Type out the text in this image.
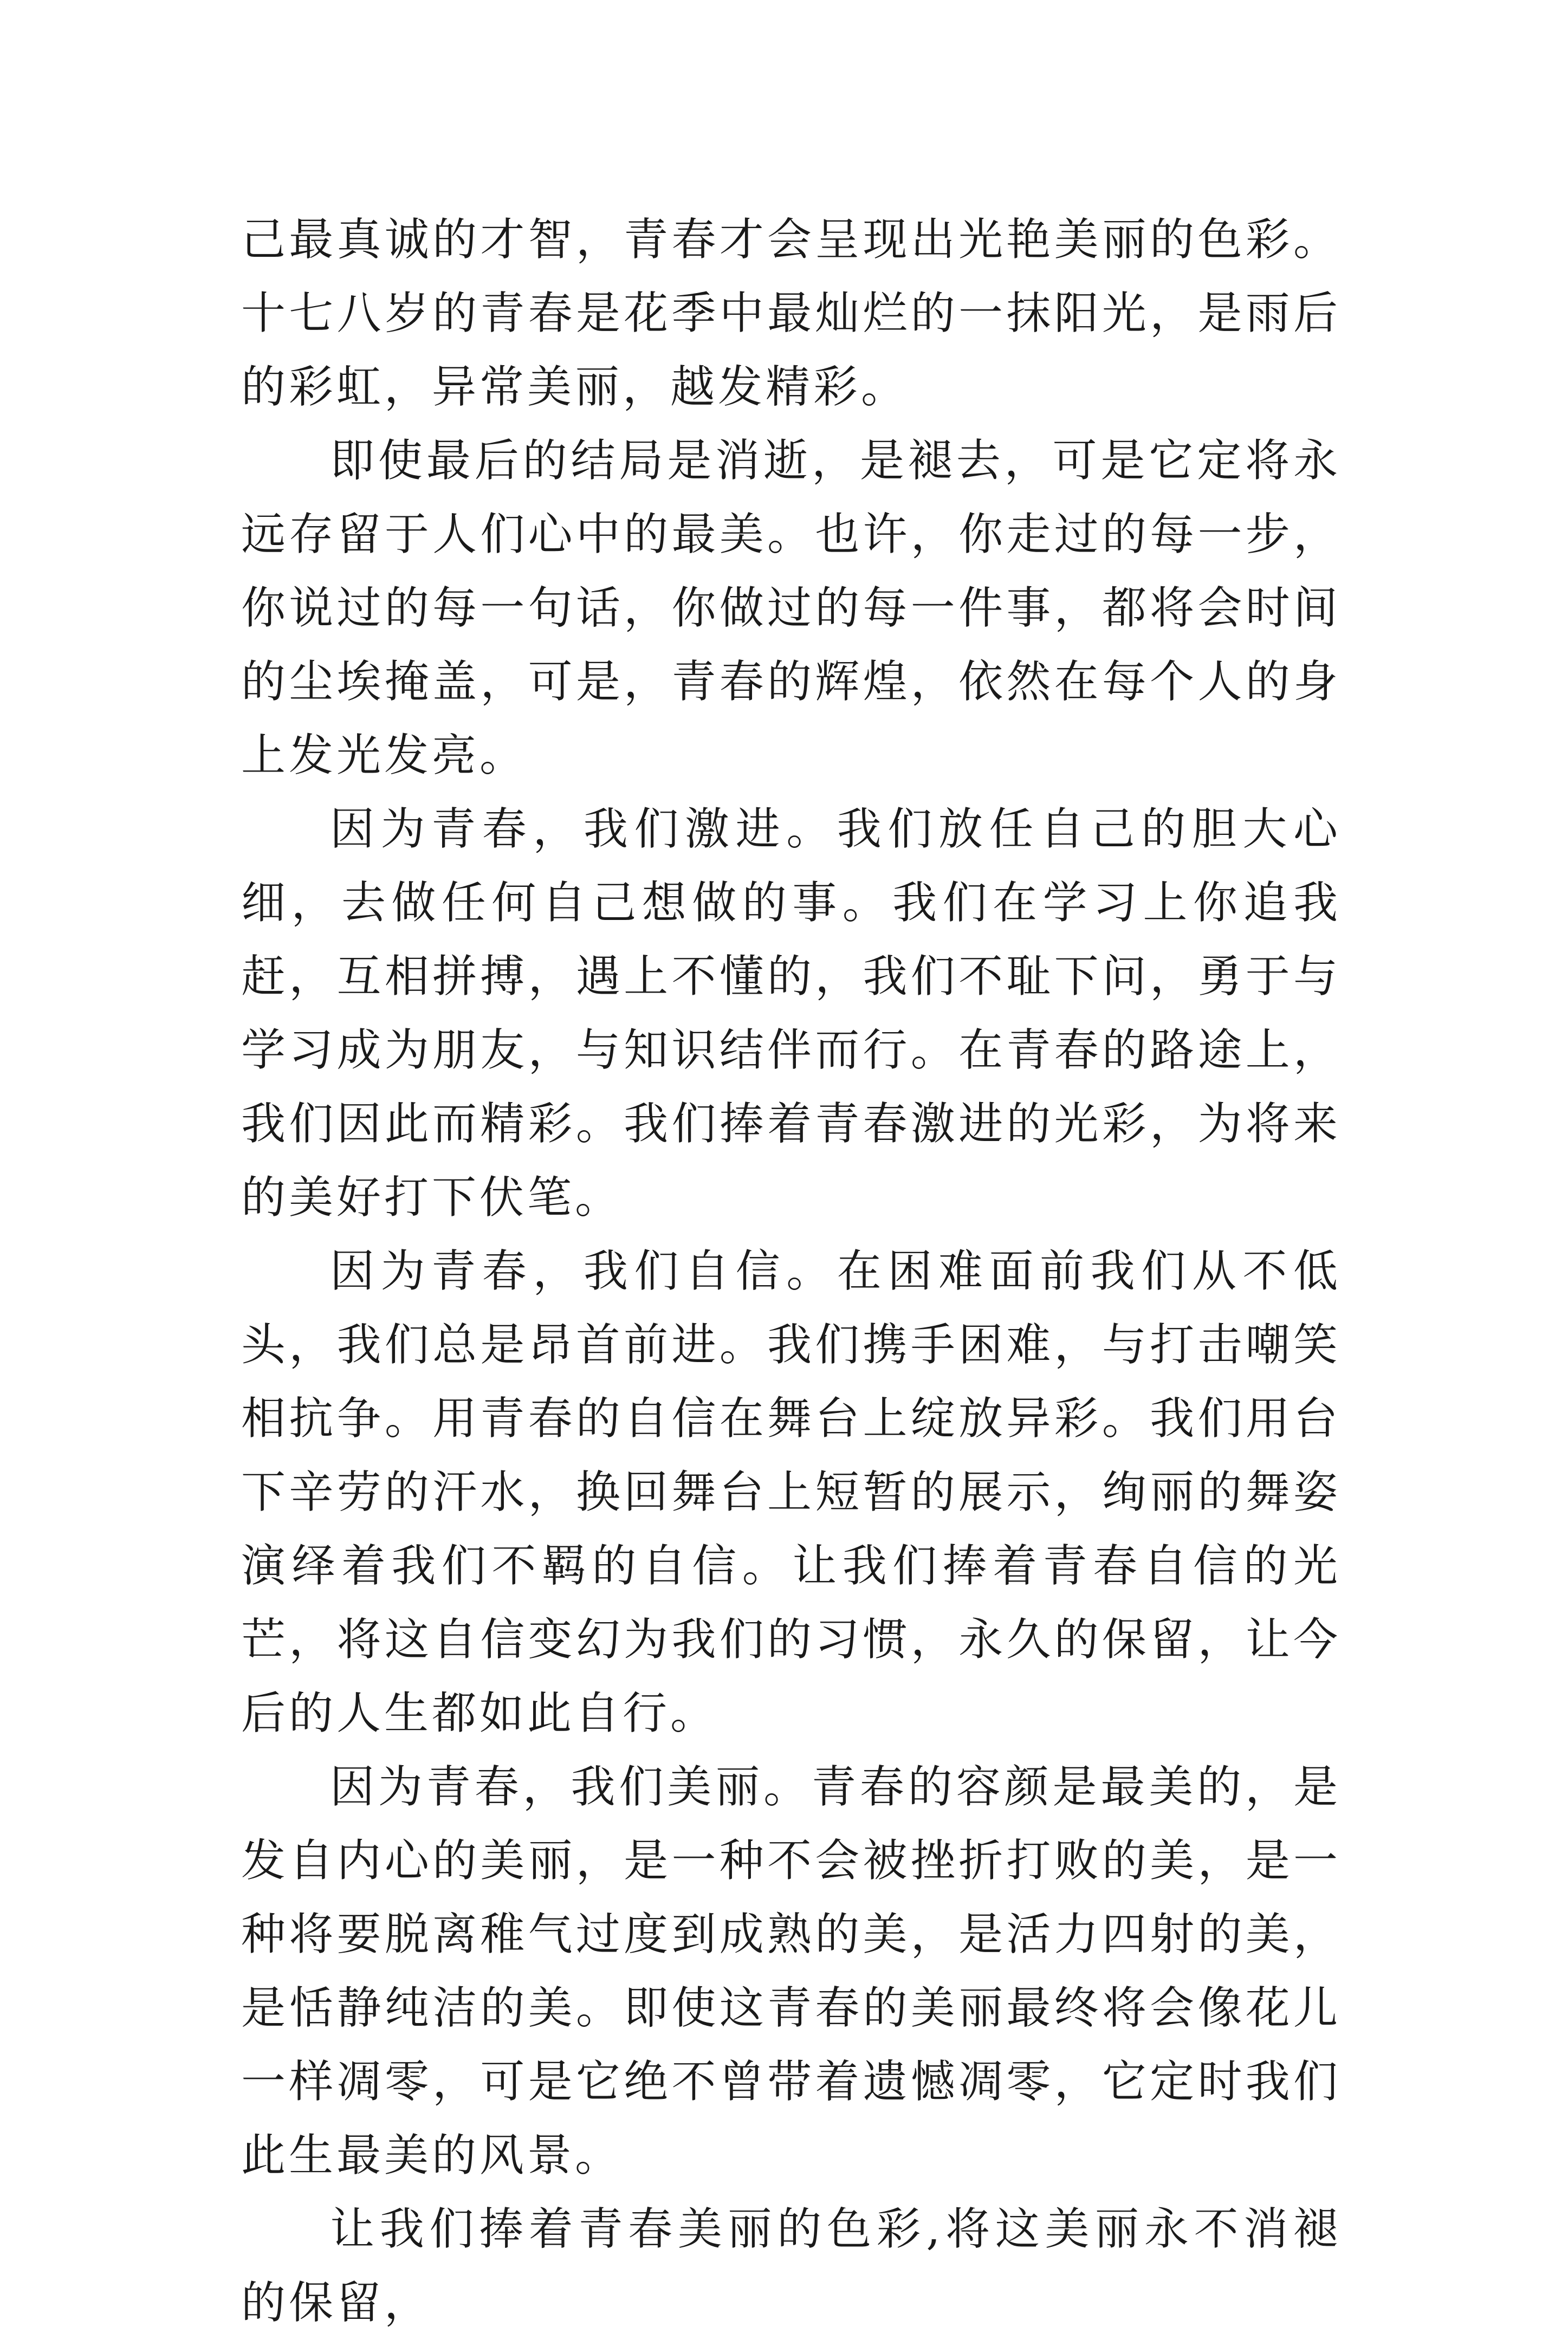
己最真诚的才智，青春才会呈现出光艳美丽的色彩。十七八岁的青春是花季中最灿烂的一抹阳光，是雨后的彩虹，异常美丽，越发精彩。

即使最后的结局是消逝，是褪去，可是它定将永远存留于人们心中的最美。也许，你走过的每一步，你说过的每一句话，你做过的每一件事，都将会时间的尘埃掩盖，可是，青春的辉煌，依然在每个人的身上发光发亮。

因为青春，我们激进。我们放任自己的胆大心细，去做任何自己想做的事。我们在学习上你追我赶，互相拼搏，遇上不懂的，我们不耻下问，勇于与学习成为朋友，与知识结伴而行。在青春的路途上，我们因此而精彩。我们捧着青春激进的光彩，为将来的美好打下伏笔。

因为青春，我们自信。在困难面前我们从不低头，我们总是昂首前进。我们携手困难，与打击嘲笑相抗争。用青春的自信在舞台上绽放异彩。我们用台下辛劳的汗水，换回舞台上短暂的展示，绚丽的舞姿演绎着我们不羁的自信。让我们捧着青春自信的光芒，将这自信变幻为我们的习惯，永久的保留，让今后的人生都如此自行。

因为青春，我们美丽。青春的容颜是最美的，是发自内心的美丽，是一种不会被挫折打败的美，是一种将要脱离稚气过度到成熟的美，是活力四射的美，是恬静纯洁的美。即使这青春的美丽最终将会像花儿一样凋零，可是它绝不曾带着遗憾凋零，它定时我们此生最美的风景。

让我们捧着青春美丽的色彩,将这美丽永不消褪的保留，
